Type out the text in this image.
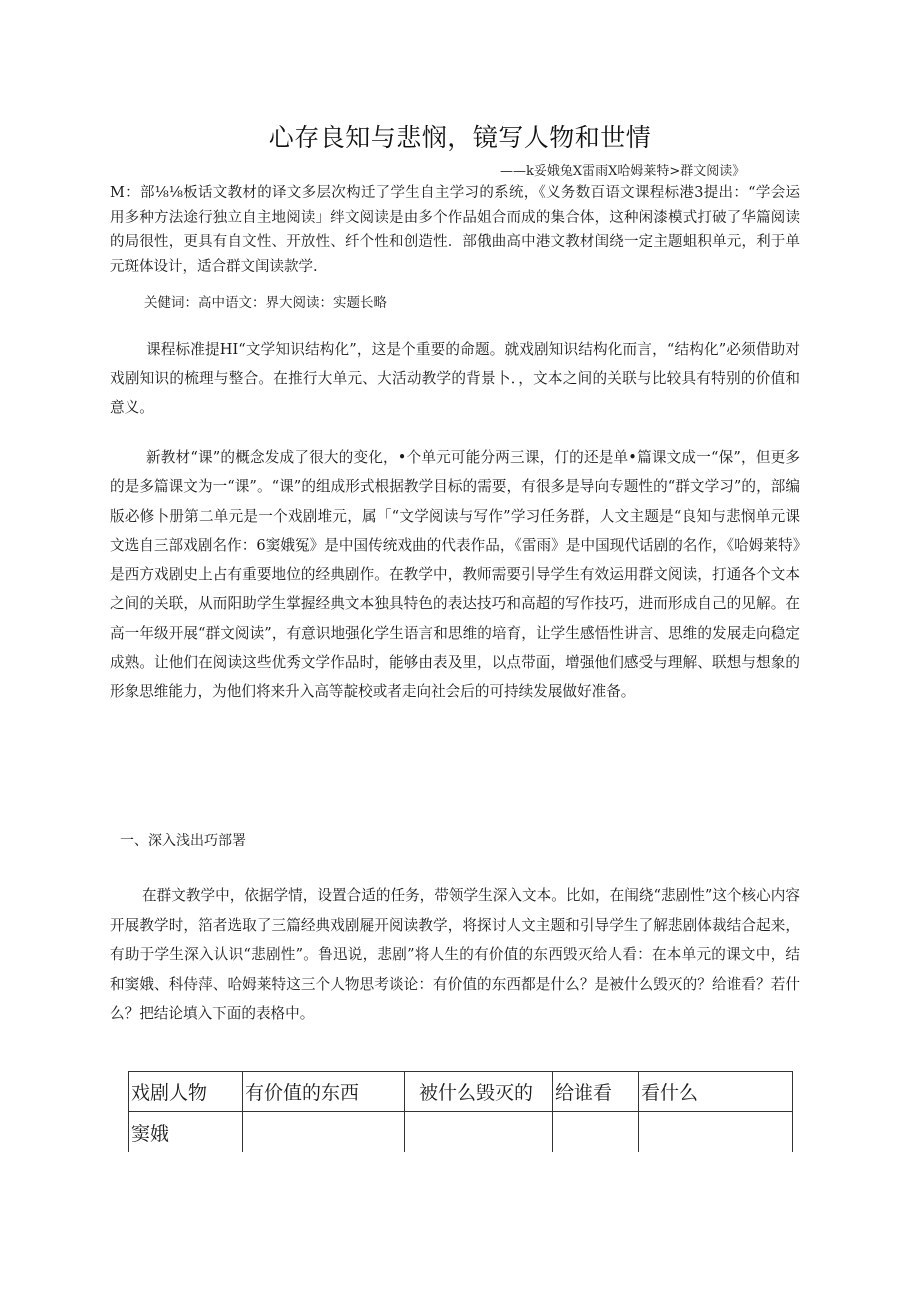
心存良知与悲悯，镜写人物和世情
——k妥娥兔X雷雨X哈姆莱特>群文阅读》
M：部⅛⅛板话文教材的译文多层次构迁了学生自主学习的系统，《义务数百语文课程标港3提出：“学会运用多种方法途行独立自主地阅读」绊文阅读是由多个作品姐合而成的集合体，这种闲漆模式打破了华篇阅读的局很性，更具有自文性、开放性、纤个性和创造性．部俄曲高中港文教材闺绕一定主题蛆积单元，利于单元斑体设计，适合群文闺读款学.
关健词：高中语文：界大阅读：实题长略
课程标准提HI“文学知识结构化”，这是个重要的命题。就戏剧知识结构化而言，“结构化”必须借助对戏剧知识的梳理与整合。在推行大单元、大活动教学的背景卜．，文本之间的关联与比较具有特别的价值和意义。
新教材“课”的概念发成了很大的变化，•个单元可能分两三课，仃的还是单•篇课文成一“保”，但更多的是多篇课文为一“课”。“课”的组成形式根据教学目标的需要，有很多是导向专题性的“群文学习”的，部编版必修卜册第二单元是一个戏剧堆元，属「“文学阅读与写作”学习任务群，人文主题是“良知与悲悯单元课文选自三部戏剧名作：6窦娥冤》是中国传统戏曲的代表作品，《雷雨》是中国现代话剧的名作，《哈姆莱特》是西方戏剧史上占有重要地位的经典剧作。在教学中，教师需要引导学生有效运用群文阅读，打通各个文本之间的关联，从而阳助学生掌握经典文本独具特色的表达技巧和高超的写作技巧，进而形成自己的见解。在高一年级开展“群文阅读”，有意识地强化学生语言和思维的培育，让学生感悟性讲言、思维的发展走向稳定成熟。让他们在阅读这些优秀文学作品时，能够由表及里，以点带面，增强他们感受与理解、联想与想象的形象思维能力，为他们将来升入高等靛校或者走向社会后的可持续发展做好准备。
一、深入浅出巧部署
在群文教学中，依据学情，设置合适的任务，带领学生深入文本。比如，在闱绕“悲剧性”这个核心内容开展教学时，箔者选取了三篇经典戏剧屣开阅读教学，将探讨人文主题和引导学生了解悲剧体裁结合起来，有助于学生深入认识“悲剧性”。鲁迅说，悲剧”将人生的有价值的东西毁灭给人看：在本单元的课文中，结和窦娥、科侍萍、哈姆莱特这三个人物思考谈论：有价值的东西都是什么？是被什么毁灭的？给谁看？若什么？把结论填入下面的表格中。
戏剧人物	有价值的东西	被什么毁灭的	给谁看	看什么
窦娥				
